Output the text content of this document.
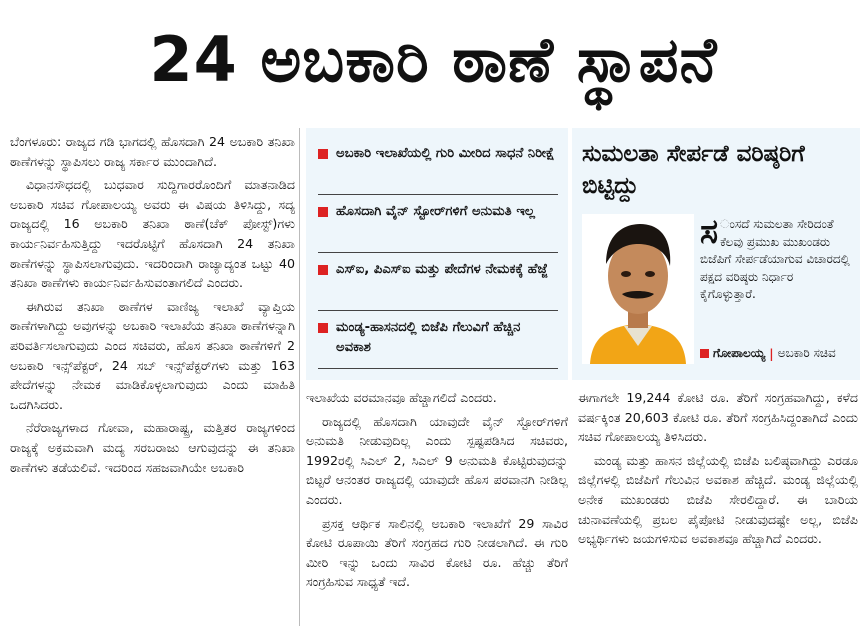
24 ಅಬಕಾರಿ ಠಾಣೆ ಸ್ಥಾಪನೆ

ಬೆಂಗಳೂರು: ರಾಜ್ಯದ ಗಡಿ ಭಾಗದಲ್ಲಿ ಹೊಸದಾಗಿ 24 ಅಬಕಾರಿ ತನಿಖಾ ಠಾಣೆಗಳನ್ನು ಸ್ಥಾಪಿಸಲು ರಾಜ್ಯ ಸರ್ಕಾರ ಮುಂದಾಗಿದೆ.

ವಿಧಾನಸೌಧದಲ್ಲಿ ಬುಧವಾರ ಸುದ್ದಿಗಾರರೊಂದಿಗೆ ಮಾತನಾಡಿದ ಅಬಕಾರಿ ಸಚಿವ ಗೋಪಾಲಯ್ಯ ಅವರು ಈ ವಿಷಯ ತಿಳಿಸಿದ್ದು, ಸದ್ಯ ರಾಜ್ಯದಲ್ಲಿ 16 ಅಬಕಾರಿ ತನಿಖಾ ಠಾಣೆ(ಚೆಕ್ ಪೋಸ್ಟ್)ಗಳು ಕಾರ್ಯನಿರ್ವಹಿಸುತ್ತಿದ್ದು ಇದರೊಟ್ಟಿಗೆ ಹೊಸದಾಗಿ 24 ತನಿಖಾ ಠಾಣೆಗಳನ್ನು ಸ್ಥಾಪಿಸಲಾಗುವುದು. ಇದರಿಂದಾಗಿ ರಾಜ್ಯಾದ್ಯಂತ ಒಟ್ಟು 40 ತನಿಖಾ ಠಾಣೆಗಳು ಕಾರ್ಯನಿರ್ವಹಿಸುವಂತಾಗಲಿದೆ ಎಂದರು.

ಈಗಿರುವ ತನಿಖಾ ಠಾಣೆಗಳ ವಾಣಿಜ್ಯ ಇಲಾಖೆ ವ್ಯಾಪ್ತಿಯ ಠಾಣೆಗಳಾಗಿದ್ದು ಅವುಗಳನ್ನು ಅಬಕಾರಿ ಇಲಾಖೆಯ ತನಿಖಾ ಠಾಣೆಗಳನ್ನಾಗಿ ಪರಿವರ್ತಿಸಲಾಗುವುದು ಎಂದ ಸಚಿವರು, ಹೊಸ ತನಿಖಾ ಠಾಣೆಗಳಿಗೆ 2 ಅಬಕಾರಿ ಇನ್ಸ್‌ಪೆಕ್ಟರ್, 24 ಸಬ್ ಇನ್ಸ್‌ಪೆಕ್ಟರ್‌ಗಳು ಮತ್ತು 163 ಪೇದೆಗಳನ್ನು ನೇಮಕ ಮಾಡಿಕೊಳ್ಳಲಾಗುವುದು ಎಂದು ಮಾಹಿತಿ ಒದಗಿಸಿದರು.

ನೆರೆರಾಜ್ಯಗಳಾದ ಗೋವಾ, ಮಹಾರಾಷ್ಟ್ರ, ಮತ್ತಿತರ ರಾಜ್ಯಗಳಿಂದ ರಾಜ್ಯಕ್ಕೆ ಅಕ್ರಮವಾಗಿ ಮದ್ಯ ಸರಬರಾಜು ಆಗುವುದನ್ನು ಈ ತನಿಖಾ ಠಾಣೆಗಳು ತಡೆಯಲಿವೆ. ಇದರಿಂದ ಸಹಜವಾಗಿಯೇ ಅಬಕಾರಿ

ಅಬಕಾರಿ ಇಲಾಖೆಯಲ್ಲಿ ಗುರಿ ಮೀರಿದ ಸಾಧನೆ ನಿರೀಕ್ಷೆ
ಹೊಸದಾಗಿ ವೈನ್ ಸ್ಟೋರ್‌ಗಳಿಗೆ ಅನುಮತಿ ಇಲ್ಲ
ಎಸ್‌ಐ, ಪಿಎಸ್‌ಐ ಮತ್ತು ಪೇದೆಗಳ ನೇಮಕಕ್ಕೆ ಹೆಜ್ಜೆ
ಮಂಡ್ಯ-ಹಾಸನದಲ್ಲಿ ಬಿಜೆಪಿ ಗೆಲುವಿಗೆ ಹೆಚ್ಚಿನ ಅವಕಾಶ
ಸುಮಲತಾ ಸೇರ್ಪಡೆ ವರಿಷ್ಠರಿಗೆ ಬಿಟ್ಟಿದ್ದು
ಸ ಂಸದೆ ಸುಮಲತಾ ಸೇರಿದಂತೆ ಕೆಲವು ಪ್ರಮುಖ ಮುಖಂಡರು ಬಿಜೆಪಿಗೆ ಸೇರ್ಪಡೆಯಾಗುವ ವಿಚಾರದಲ್ಲಿ ಪಕ್ಷದ ವರಿಷ್ಠರು ನಿರ್ಧಾರ ಕೈಗೊಳ್ಳುತ್ತಾರೆ.
ಗೋಪಾಲಯ್ಯ | ಅಬಕಾರಿ ಸಚಿವ

ಇಲಾಖೆಯ ವರಮಾನವೂ ಹೆಚ್ಚಾಗಲಿದೆ ಎಂದರು.

ರಾಜ್ಯದಲ್ಲಿ ಹೊಸದಾಗಿ ಯಾವುದೇ ವೈನ್ ಸ್ಟೋರ್‌ಗಳಿಗೆ ಅನುಮತಿ ನೀಡುವುದಿಲ್ಲ ಎಂದು ಸ್ಪಷ್ಟಪಡಿಸಿದ ಸಚಿವರು, 1992ರಲ್ಲಿ ಸಿಎಲ್ 2, ಸಿಎಲ್ 9 ಅನುಮತಿ ಕೊಟ್ಟಿರುವುದನ್ನು ಬಿಟ್ಟರೆ ಆನಂತರ ರಾಜ್ಯದಲ್ಲಿ ಯಾವುದೇ ಹೊಸ ಪರವಾನಗಿ ನೀಡಿಲ್ಲ ಎಂದರು.

ಪ್ರಸಕ್ತ ಆರ್ಥಿಕ ಸಾಲಿನಲ್ಲಿ ಅಬಕಾರಿ ಇಲಾಖೆಗೆ 29 ಸಾವಿರ ಕೋಟಿ ರೂಪಾಯಿ ತೆರಿಗೆ ಸಂಗ್ರಹದ ಗುರಿ ನೀಡಲಾಗಿದೆ. ಈ ಗುರಿ ಮೀರಿ ಇನ್ನು ಒಂದು ಸಾವಿರ ಕೋಟಿ ರೂ. ಹೆಚ್ಚು ತೆರಿಗೆ ಸಂಗ್ರಹಿಸುವ ಸಾಧ್ಯತೆ ಇದೆ.

ಈಗಾಗಲೇ 19,244 ಕೋಟಿ ರೂ. ತೆರಿಗೆ ಸಂಗ್ರಹವಾಗಿದ್ದು, ಕಳೆದ ವರ್ಷಕ್ಕಿಂತ 20,603 ಕೋಟಿ ರೂ. ತೆರಿಗೆ ಸಂಗ್ರಹಿಸಿದ್ದಂತಾಗಿದೆ ಎಂದು ಸಚಿವ ಗೋಪಾಲಯ್ಯ ತಿಳಿಸಿದರು.

ಮಂಡ್ಯ ಮತ್ತು ಹಾಸನ ಜಿಲ್ಲೆಯಲ್ಲಿ ಬಿಜೆಪಿ ಬಲಿಷ್ಠವಾಗಿದ್ದು ಎರಡೂ ಜಿಲ್ಲೆಗಳಲ್ಲಿ ಬಿಜೆಪಿಗೆ ಗೆಲುವಿನ ಅವಕಾಶ ಹೆಚ್ಚಿದೆ. ಮಂಡ್ಯ ಜಿಲ್ಲೆಯಲ್ಲಿ ಅನೇಕ ಮುಖಂಡರು ಬಿಜೆಪಿ ಸೇರಲಿದ್ದಾರೆ. ಈ ಬಾರಿಯ ಚುನಾವಣೆಯಲ್ಲಿ ಪ್ರಬಲ ಪೈಪೋಟಿ ನೀಡುವುದಷ್ಟೇ ಅಲ್ಲ, ಬಿಜೆಪಿ ಅಭ್ಯರ್ಥಿಗಳು ಜಯಗಳಿಸುವ ಅವಕಾಶವೂ ಹೆಚ್ಚಾಗಿದೆ ಎಂದರು.
